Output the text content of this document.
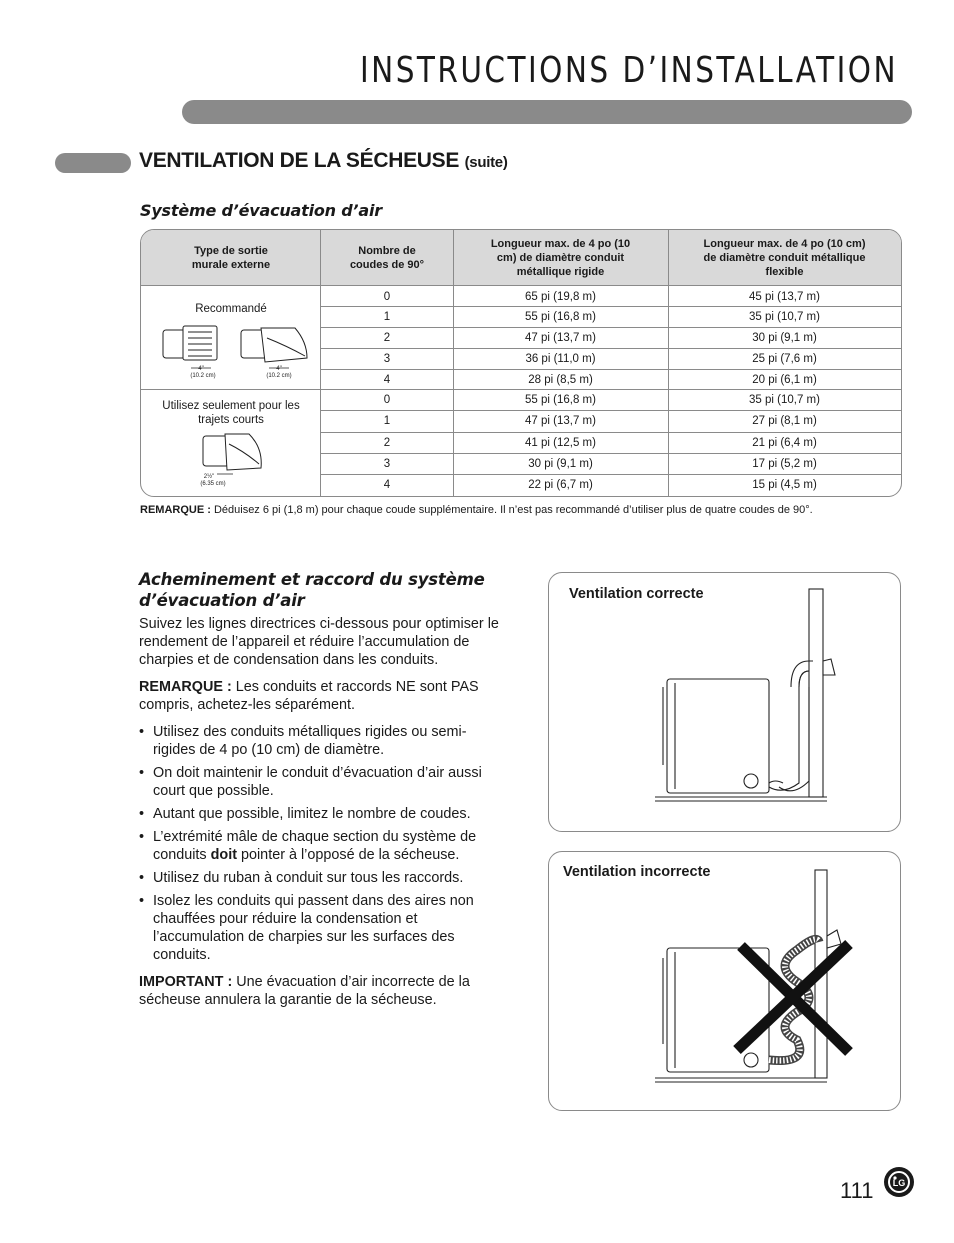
INSTRUCTIONS D’INSTALLATION
VENTILATION DE LA SÉCHEUSE (suite)
Système d’évacuation d’air
Type de sortie murale externe
Nombre de coudes de 90°
Longueur max. de 4 po (10 cm) de diamètre conduit métallique rigide
Longueur max. de 4 po (10 cm) de diamètre conduit métallique flexible
Recommandé
4"
(10.2 cm)
4"
(10.2 cm)
Utilisez seulement pour les trajets courts
2½"
(6.35 cm)
0	65 pi (19,8 m)	45 pi (13,7 m)
1	55 pi (16,8 m)	35 pi (10,7 m)
2	47 pi (13,7 m)	30 pi (9,1 m)
3	36 pi (11,0 m)	25 pi (7,6 m)
4	28 pi (8,5 m)	20 pi (6,1 m)
0	55 pi (16,8 m)	35 pi (10,7 m)
1	47 pi (13,7 m)	27 pi (8,1 m)
2	41 pi (12,5 m)	21 pi (6,4 m)
3	30 pi (9,1 m)	17 pi (5,2 m)
4	22 pi (6,7 m)	15 pi (4,5 m)
REMARQUE : Déduisez 6 pi (1,8 m) pour chaque coude supplémentaire. Il n’est pas recommandé d’utiliser plus de quatre coudes de 90°.
Acheminement et raccord du système
d’évacuation d’air

Suivez les lignes directrices ci-dessous pour optimiser le rendement de l’appareil et réduire l’accumulation de charpies et de condensation dans les conduits.

REMARQUE : Les conduits et raccords NE sont PAS compris, achetez-les séparément.

• Utilisez des conduits métalliques rigides ou semi-rigides de 4 po (10 cm) de diamètre.
• On doit maintenir le conduit d’évacuation d’air aussi court que possible.
• Autant que possible, limitez le nombre de coudes.
• L’extrémité mâle de chaque section du système de conduits doit pointer à l’opposé de la sécheuse.
• Utilisez du ruban à conduit sur tous les raccords.
• Isolez les conduits qui passent dans des aires non chauffées pour réduire la condensation et l’accumulation de charpies sur les surfaces des conduits.

IMPORTANT : Une évacuation d’air incorrecte de la sécheuse annulera la garantie de la sécheuse.

Ventilation correcte
Ventilation incorrecte
111 LG
